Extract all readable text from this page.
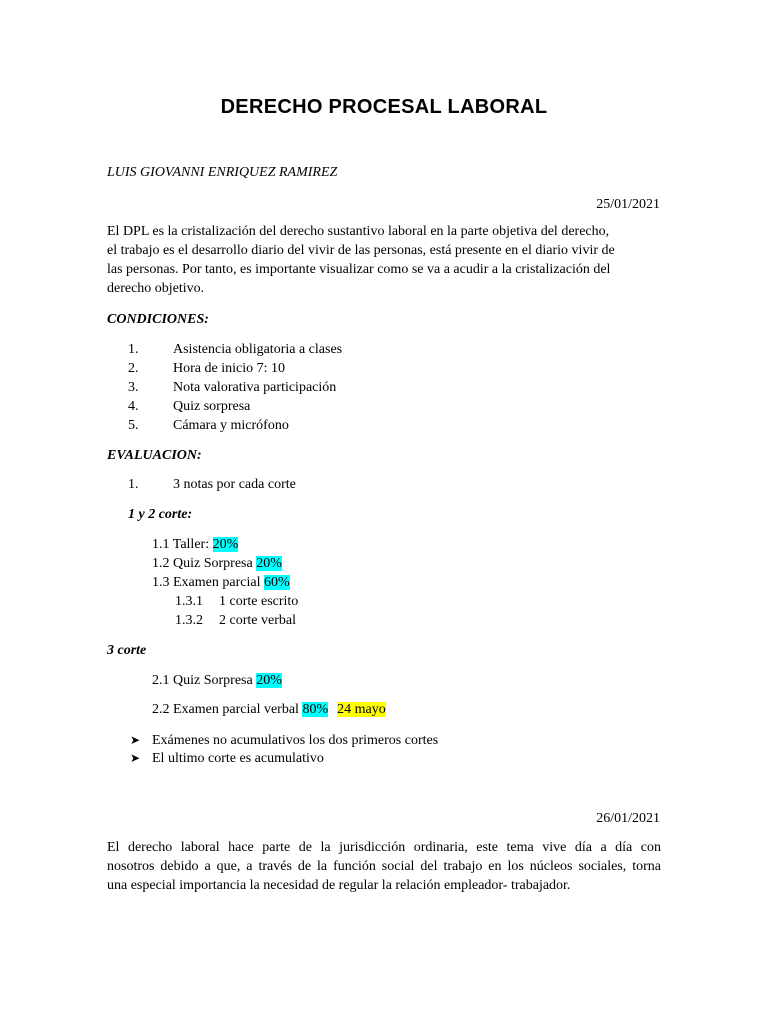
DERECHO PROCESAL LABORAL
LUIS GIOVANNI ENRIQUEZ RAMIREZ
25/01/2021
El DPL es la cristalización del derecho sustantivo laboral en la parte objetiva del derecho,
el trabajo es el desarrollo diario del vivir de las personas, está presente en el diario vivir de
las personas. Por tanto, es importante visualizar como se va a acudir a la cristalización del
derecho objetivo.
CONDICIONES:
1. Asistencia obligatoria a clases
2. Hora de inicio 7: 10
3. Nota valorativa participación
4. Quiz sorpresa
5. Cámara y micrófono
EVALUACION:
1. 3 notas por cada corte
1 y 2 corte:
1.1 Taller: 20%
1.2 Quiz Sorpresa 20%
1.3 Examen parcial 60%
1.3.1 1 corte escrito
1.3.2 2 corte verbal
3 corte
2.1 Quiz Sorpresa 20%
2.2 Examen parcial verbal 80% 24 mayo
➤ Exámenes no acumulativos los dos primeros cortes
➤ El ultimo corte es acumulativo
26/01/2021
El derecho laboral hace parte de la jurisdicción ordinaria, este tema vive día a día con
nosotros debido a que, a través de la función social del trabajo en los núcleos sociales, torna
una especial importancia la necesidad de regular la relación empleador- trabajador.
